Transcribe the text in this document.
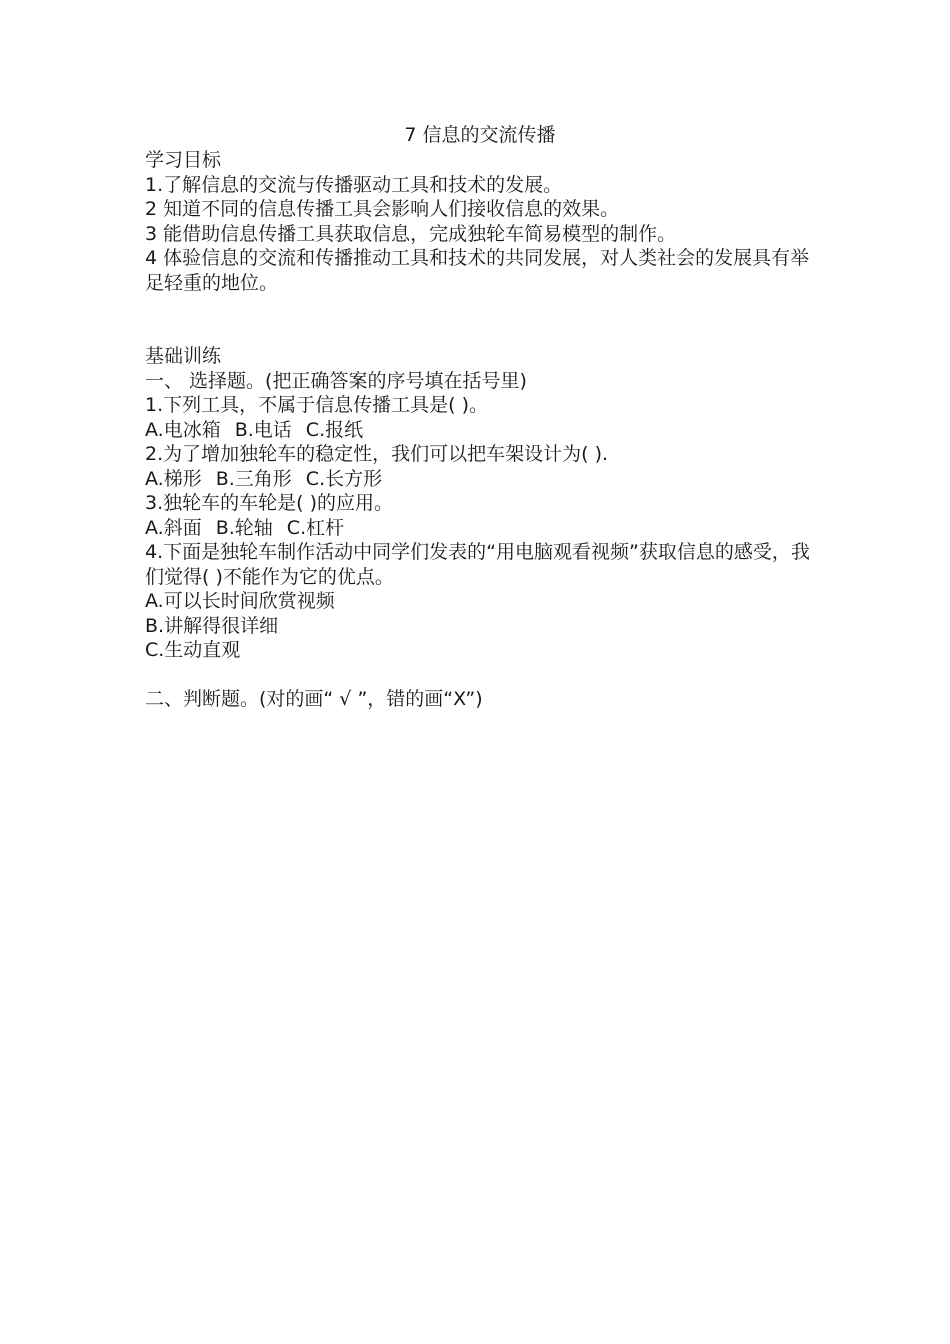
7 信息的交流传播

学习目标

1.了解信息的交流与传播驱动工具和技术的发展。

2 知道不同的信息传播工具会影响人们接收信息的效果。

3 能借助信息传播工具获取信息，完成独轮车简易模型的制作。

4 体验信息的交流和传播推动工具和技术的共同发展，对人类社会的发展具有举足轻重的地位。

基础训练

一、 选择题。(把正确答案的序号填在括号里)

1.下列工具，不属于信息传播工具是( )。

A.电冰箱 B.电话 C.报纸

2.为了增加独轮车的稳定性，我们可以把车架设计为( ).

A.梯形 B.三角形 C.长方形

3.独轮车的车轮是( )的应用。

A.斜面 B.轮轴 C.杠杆

4.下面是独轮车制作活动中同学们发表的“用电脑观看视频”获取信息的感受，我们觉得( )不能作为它的优点。

A.可以长时间欣赏视频

B.讲解得很详细

C.生动直观

二、判断题。(对的画“ √ ”，错的画“X”)
